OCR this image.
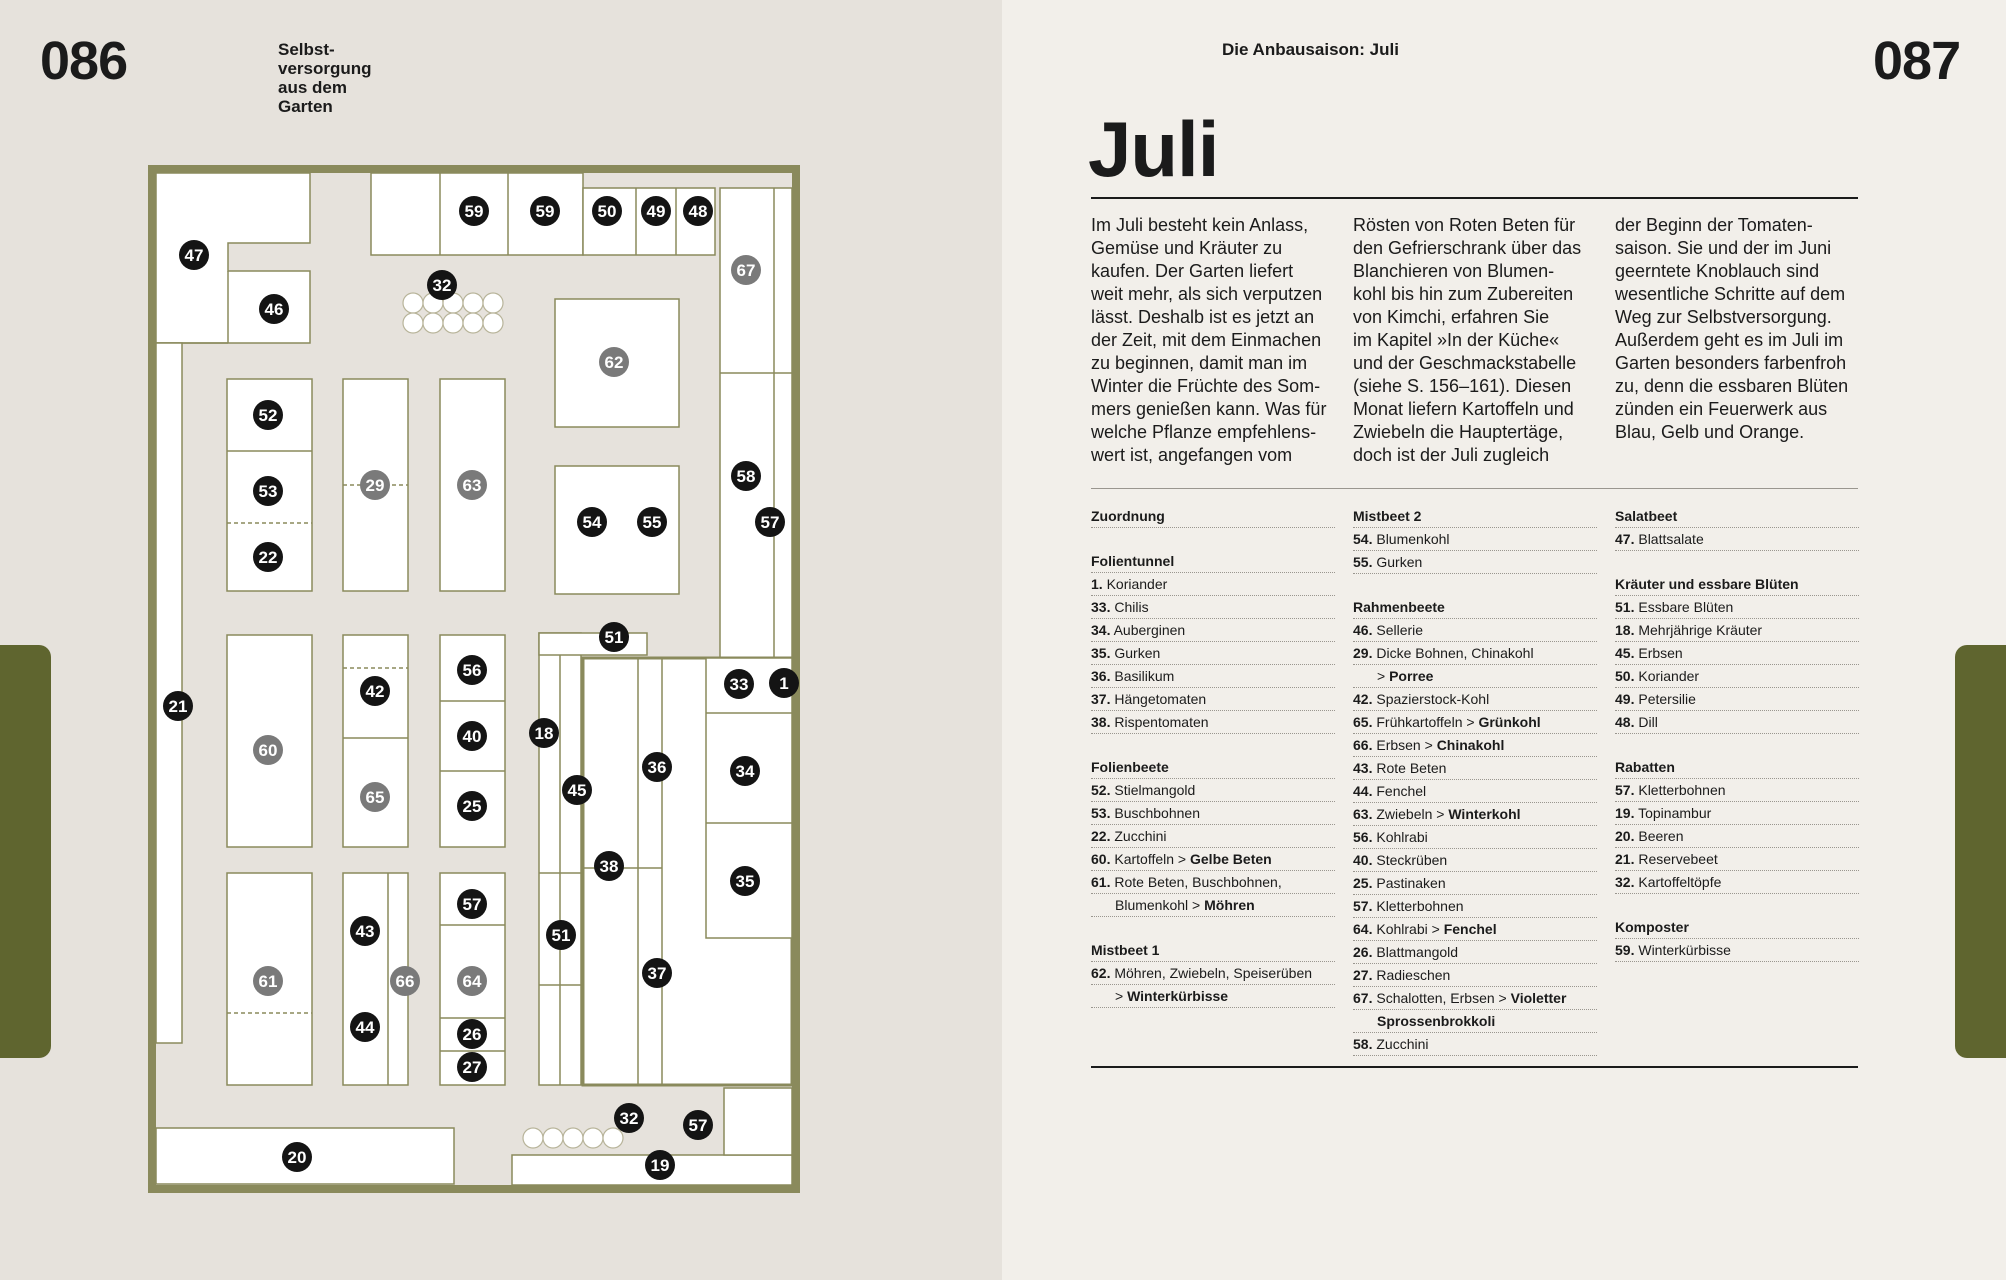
086	Selbst-
versorgung
aus dem
Garten
47
46
32
59	59	50 49 48
67
62
52
53
22
29	63
54 55
58
57
51
21
60
42
65
56
40
25
18
45
36
33 1
34
35
38
61
43
66
57
64
51
37
44	26
27
32	57
20	19
Die Anbausaison: Juli	087
Juli
Im Juli besteht kein Anlass,
Gemüse und Kräuter zu
kaufen. Der Garten liefert
weit mehr, als sich verputzen
lässt. Deshalb ist es jetzt an
der Zeit, mit dem Einmachen
zu beginnen, damit man im
Winter die Früchte des Som-
mers genießen kann. Was für
welche Pflanze empfehlens-
wert ist, angefangen vom
Rösten von Roten Beten für
den Gefrierschrank über das
Blanchieren von Blumen-
kohl bis hin zum Zubereiten
von Kimchi, erfahren Sie
im Kapitel »In der Küche«
und der Geschmackstabelle
(siehe S. 156–161). Diesen
Monat liefern Kartoffeln und
Zwiebeln die Hauptertäge,
doch ist der Juli zugleich
der Beginn der Tomaten-
saison. Sie und der im Juni
geerntete Knoblauch sind
wesentliche Schritte auf dem
Weg zur Selbstversorgung.
Außerdem geht es im Juli im
Garten besonders farbenfroh
zu, denn die essbaren Blüten
zünden ein Feuerwerk aus
Blau, Gelb und Orange.
Zuordnung
Folientunnel
1. Koriander
33. Chilis
34. Auberginen
35. Gurken
36. Basilikum
37. Hängetomaten
38. Rispentomaten
Folienbeete
52. Stielmangold
53. Buschbohnen
22. Zucchini
60. Kartoffeln > Gelbe Beten
61. Rote Beten, Buschbohnen,
Blumenkohl > Möhren
Mistbeet 1
62. Möhren, Zwiebeln, Speiserüben
> Winterkürbisse
Mistbeet 2
54. Blumenkohl
55. Gurken
Rahmenbeete
46. Sellerie
29. Dicke Bohnen, Chinakohl
> Porree
42. Spazierstock-Kohl
65. Frühkartoffeln > Grünkohl
66. Erbsen > Chinakohl
43. Rote Beten
44. Fenchel
63. Zwiebeln > Winterkohl
56. Kohlrabi
40. Steckrüben
25. Pastinaken
57. Kletterbohnen
64. Kohlrabi > Fenchel
26. Blattmangold
27. Radieschen
67. Schalotten, Erbsen > Violetter
Sprossenbrokkoli
58. Zucchini
Salatbeet
47. Blattsalate
Kräuter und essbare Blüten
51. Essbare Blüten
18. Mehrjährige Kräuter
45. Erbsen
50. Koriander
49. Petersilie
48. Dill
Rabatten
57. Kletterbohnen
19. Topinambur
20. Beeren
21. Reservebeet
32. Kartoffeltöpfe
Komposter
59. Winterkürbisse
